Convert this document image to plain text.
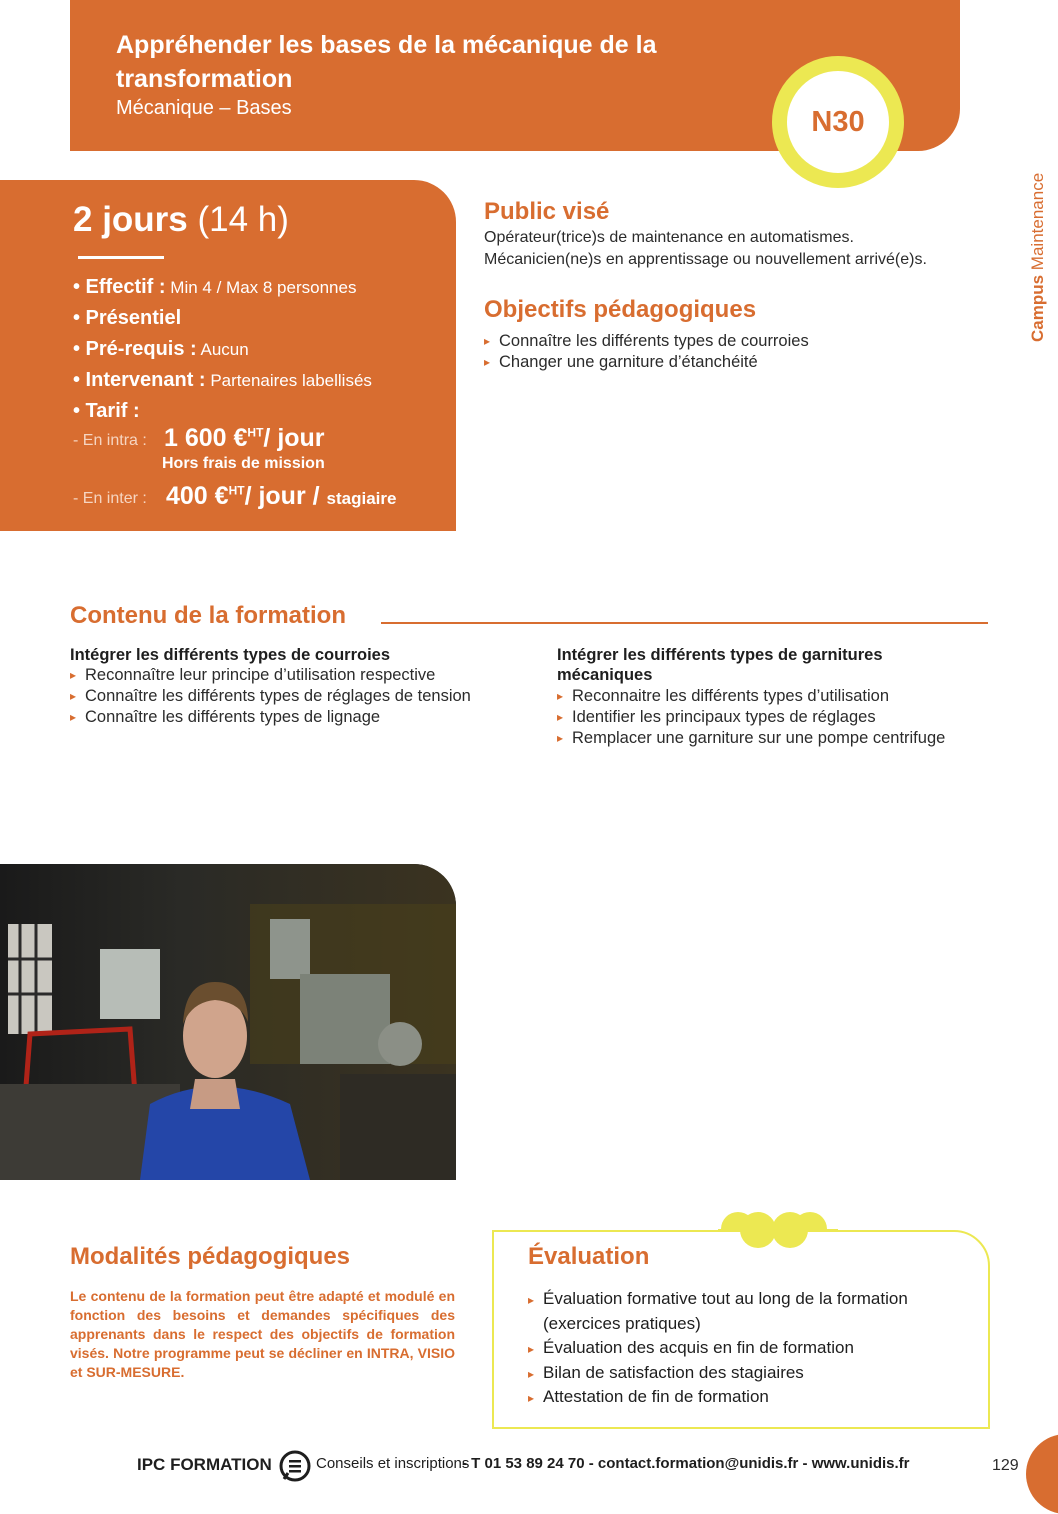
Appréhender les bases de la mécanique de la transformation
Mécanique – Bases	N30
Campus Maintenance
2 jours (14 h)
• Effectif : Min 4 / Max 8 personnes
• Présentiel
• Pré-requis : Aucun
• Intervenant : Partenaires labellisés
• Tarif :
- En intra : 1 600 €$^{HT}$/ jour
Hors frais de mission
- En inter : 400 €$^{HT}$/ jour / stagiaire
Public visé
Opérateur(trice)s de maintenance en automatismes.
Mécanicien(ne)s en apprentissage ou nouvellement arrivé(e)s.
Objectifs pédagogiques
▸ Connaître les différents types de courroies
▸ Changer une garniture d’étanchéité
Contenu de la formation
Intégrer les différents types de courroies
▸ Reconnaître leur principe d’utilisation respective
▸ Connaître les différents types de réglages de tension
▸ Connaître les différents types de lignage
Intégrer les différents types de garnitures mécaniques
▸ Reconnaitre les différents types d’utilisation
▸ Identifier les principaux types de réglages
▸ Remplacer une garniture sur une pompe centrifuge
Modalités pédagogiques
Le contenu de la formation peut être adapté et modulé en fonction des besoins et demandes spécifiques des apprenants dans le respect des objectifs de formation visés. Notre programme peut se décliner en INTRA, VISIO et SUR-MESURE.
Évaluation
▸ Évaluation formative tout au long de la formation (exercices pratiques)
▸ Évaluation des acquis en fin de formation
▸ Bilan de satisfaction des stagiaires
▸ Attestation de fin de formation
IPC FORMATION	Conseils et inscriptions
- T 01 53 89 24 70 - contact.formation@unidis.fr - www.unidis.fr	129
